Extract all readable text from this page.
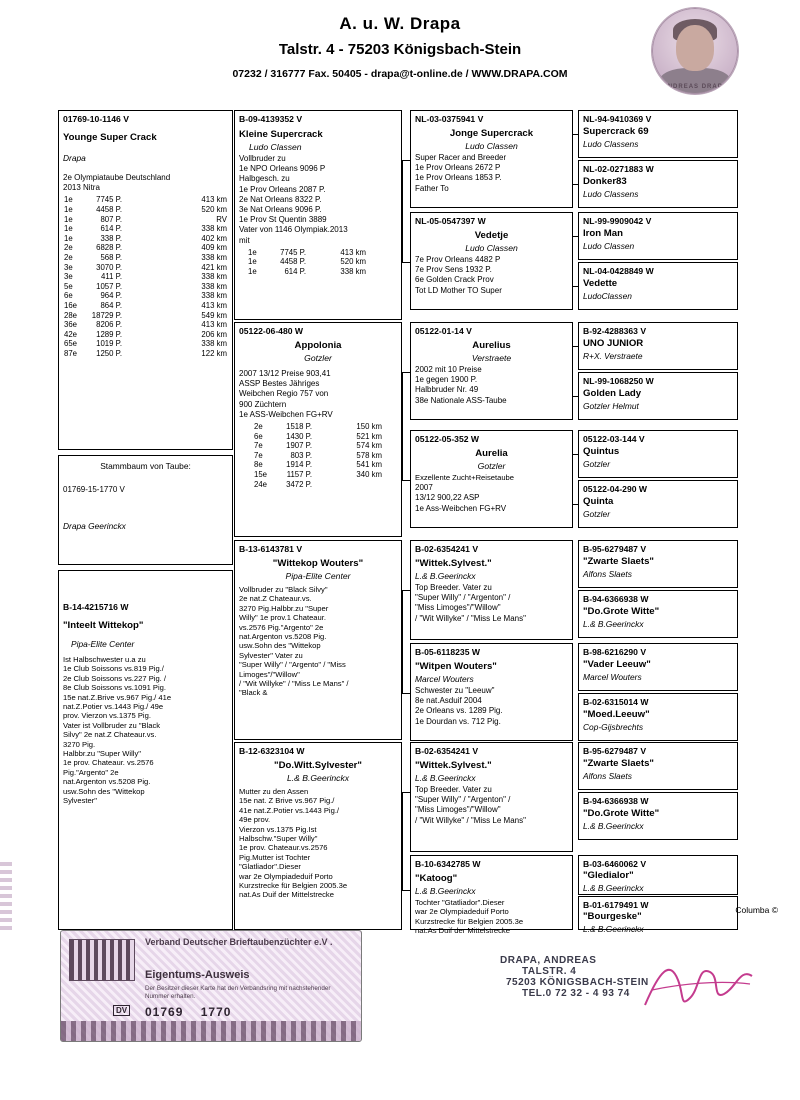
A. u. W. Drapa
Talstr. 4 - 75203 Königsbach-Stein
07232 / 316777 Fax. 50405 - drapa@t-online.de / WWW.DRAPA.COM
ANDREAS DRAPA
01769-10-1146 V
Younge Super Crack
Drapa
2e Olympiataube Deutschland
2013 Nitra
1e	7745 P.	413 km
1e	4458 P.	520 km
1e	807 P.	RV
1e	614 P.	338 km
1e	338 P.	402 km
2e	6828 P.	409 km
2e	568 P.	338 km
3e	3070 P.	421 km
3e	411 P.	338 km
5e	1057 P.	338 km
6e	964 P.	338 km
16e	864 P.	413 km
28e	18729 P.	549 km
36e	8206 P.	413 km
42e	1289 P.	206 km
65e	1019 P.	338 km
87e	1250 P.	122 km
Stammbaum von Taube:
01769-15-1770 V
Drapa Geerinckx
B-09-4139352 V
Kleine Supercrack
Ludo Classen
Vollbruder zu
1e NPO Orleans 9096 P
Halbgesch. zu
1e Prov Orleans 2087 P.
2e Nat Orleans 8322 P.
3e Nat Orleans 9096 P.
1e Prov St Quentin 3889
Vater von 1146 Olympiak.2013
mit
1e	7745 P.	413 km
1e	4458 P.	520 km
1e	614 P.	338 km
05122-06-480 W
Appolonia
Gotzler
2007 13/12 Preise 903,41
ASSP Bestes Jähriges
Weibchen Regio 757 von
900 Züchtern
1e ASS-Weibchen FG+RV
2e	1518 P.	150 km
6e	1430 P.	521 km
7e	1907 P.	574 km
7e	803 P.	578 km
8e	1914 P.	541 km
15e	1157 P.	340 km
24e	3472 P.	
B-14-4215716 W
"Inteelt Wittekop"
Pipa-Elite Center
Ist Halbschwester u.a zu
1e Club Soissons vs.819 Pig./
2e Club Soissons vs.227 Pig. /
8e Club Soissons vs.1091 Pig.
15e nat.Z.Brive vs.967 Pig./ 41e
nat.Z.Potier vs.1443 Pig./ 49e
prov. Vierzon vs.1375 Pig.
Vater ist Vollbruder zu "Black
Silvy" 2e nat.Z Chateaur.vs.
3270 Pig.
Halbbr.zu "Super Willy"
1e prov. Chateaur. vs.2576
Pig."Argento" 2e
nat.Argenton vs.5208 Pig.
usw.Sohn des "Wittekop
Sylvester"
B-13-6143781 V
"Wittekop Wouters"
Pipa-Elite Center
Vollbruder zu "Black Silvy"
2e nat.Z Chateaur.vs.
3270 Pig.Halbbr.zu "Super
Willy" 1e prov.1 Chateaur.
vs.2576 Pig."Argento" 2e
nat.Argenton vs.5208 Pig.
usw.Sohn des "Wittekop
Sylvester" Vater zu
"Super Willy" / "Argento" / "Miss
Limoges"/"Willow"
/ "Wit Willyke" / "Miss Le Mans" /
"Black &
B-12-6323104 W
"Do.Witt.Sylvester"
L.& B.Geerinckx
Mutter zu den Assen
15e nat. Z Brive vs.967 Pig./
41e nat.Z.Potier vs.1443 Pig./
49e prov.
Vierzon vs.1375 Pig.Ist
Halbschw."Super Willy"
1e prov. Chateaur.vs.2576
Pig.Mutter ist Tochter
"Glatliador".Dieser
war 2e Olympiadeduif Porto
Kurzstrecke für Belgien 2005.3e
nat.As Duif der Mittelstrecke
NL-03-0375941 V
Jonge Supercrack
Ludo Classen
Super Racer and Breeder
1e Prov Orleans 2672 P
1e Prov Orleans 1853 P.
Father To
NL-05-0547397 W
Vedetje
Ludo Classen
7e Prov Orleans 4482 P
7e Prov Sens 1932 P.
6e Golden Crack Prov
Tot LD Mother TO Super
05122-01-14 V
Aurelius
Verstraete
2002 mit 10 Preise
1e gegen 1900 P.
Halbbruder Nr. 49
38e Nationale ASS-Taube
05122-05-352 W
Aurelia
Gotzler
Exzellente Zucht+Reisetaube
2007
13/12 900,22 ASP
1e Ass-Weibchen FG+RV
B-02-6354241 V
"Wittek.Sylvest."
L.& B.Geerinckx
Top Breeder. Vater zu
"Super Willy" / "Argenton" /
"Miss Limoges"/"Willow"
/ "Wit Willyke" / "Miss Le Mans"
B-05-6118235 W
"Witpen Wouters"
Marcel Wouters
Schwester zu "Leeuw"
8e nat.Asduif 2004
2e Orleans vs. 1289 Pig.
1e Dourdan vs. 712 Pig.
B-02-6354241 V
"Wittek.Sylvest."
L.& B.Geerinckx
Top Breeder. Vater zu
"Super Willy" / "Argenton" /
"Miss Limoges"/"Willow"
/ "Wit Willyke" / "Miss Le Mans"
B-10-6342785 W
"Katoog"
L.& B.Geerinckx
Tochter "Gtatliador".Dieser
war 2e Olympiadeduif Porto
Kurzstrecke für Belgien 2005.3e
nat.As Duif der Mittelstrecke
NL-94-9410369 V
Supercrack 69
Ludo Classens
NL-02-0271883 W
Donker83
Ludo Classens
NL-99-9909042 V
Iron Man
Ludo Classen
NL-04-0428849 W
Vedette
LudoClassen
B-92-4288363 V
UNO JUNIOR
R+X. Verstraete
NL-99-1068250 W
Golden Lady
Gotzler Helmut
05122-03-144 V
Quintus
Gotzler
05122-04-290 W
Quinta
Gotzler
B-95-6279487 V
"Zwarte Slaets"
Alfons Slaets
B-94-6366938 W
"Do.Grote Witte"
L.& B.Geerinckx
B-98-6216290 V
"Vader Leeuw"
Marcel Wouters
B-02-6315014 W
"Moed.Leeuw"
Cop-Gijsbrechts
B-95-6279487 V
"Zwarte Slaets"
Alfons Slaets
B-94-6366938 W
"Do.Grote Witte"
L.& B.Geerinckx
B-03-6460062 V
"Gledialor"
L.& B.Geerinckx
B-01-6179491 W
"Bourgeske"
L.& B.Geerinckx
Verband Deutscher Brieftaubenzüchter e.V .
Eigentums-Ausweis
Der Besitzer dieser Karte hat den Verbandsring mit nachstehender Nummer erhalten.
DV 01769 1770
DRAPA, ANDREAS
TALSTR. 4
75203 KÖNIGSBACH-STEIN
TEL.0 72 32 - 4 93 74
Columba ©
